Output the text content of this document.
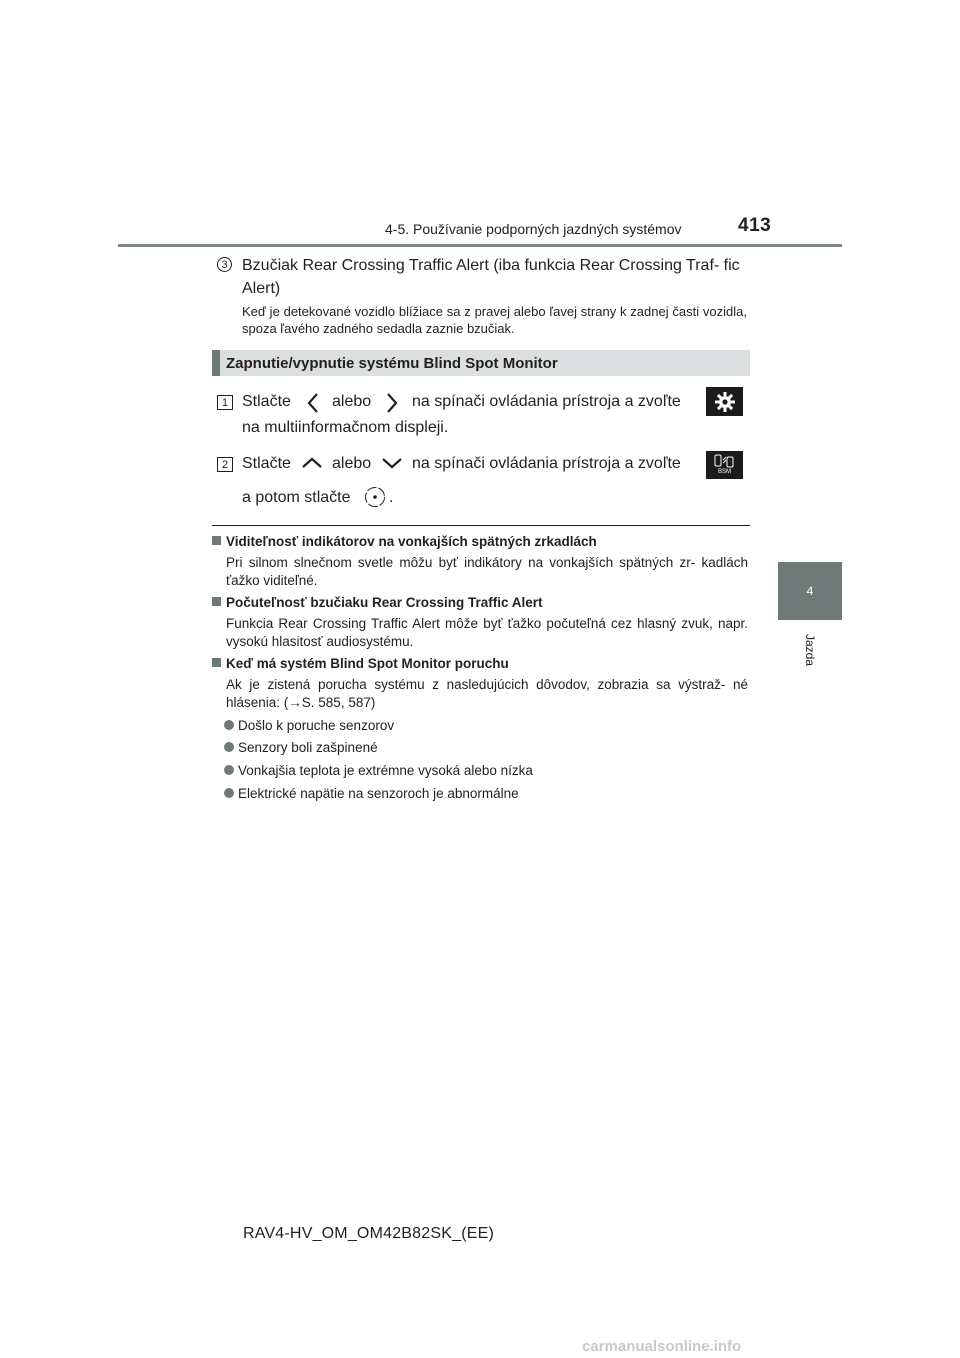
4-5. Používanie podporných jazdných systémov	413
4
Jazda
3 Bzučiak Rear Crossing Traffic Alert (iba funkcia Rear Crossing Traf- fic Alert)
Keď je detekované vozidlo blížiace sa z pravej alebo ľavej strany k zadnej časti vozidla, spoza ľavého zadného sedadla zaznie bzučiak.
Zapnutie/vypnutie systému Blind Spot Monitor
1 Stlačte	alebo	na spínači ovládania prístroja a zvoľte
na multiinformačnom displeji.
2 Stlačte	alebo	na spínači ovládania prístroja a zvoľte	BSM
a potom stlačte .
Viditeľnosť indikátorov na vonkajších spätných zrkadlách
Pri silnom slnečnom svetle môžu byť indikátory na vonkajších spätných zr- kadlách ťažko viditeľné.
Počuteľnosť bzučiaku Rear Crossing Traffic Alert
Funkcia Rear Crossing Traffic Alert môže byť ťažko počuteľná cez hlasný zvuk, napr. vysokú hlasitosť audiosystému.
Keď má systém Blind Spot Monitor poruchu
Ak je zistená porucha systému z nasledujúcich dôvodov, zobrazia sa výstraž- né hlásenia: (→S. 585, 587)
Došlo k poruche senzorov
Senzory boli zašpinené
Vonkajšia teplota je extrémne vysoká alebo nízka
Elektrické napätie na senzoroch je abnormálne
RAV4-HV_OM_OM42B82SK_(EE)
carmanualsonline.info
